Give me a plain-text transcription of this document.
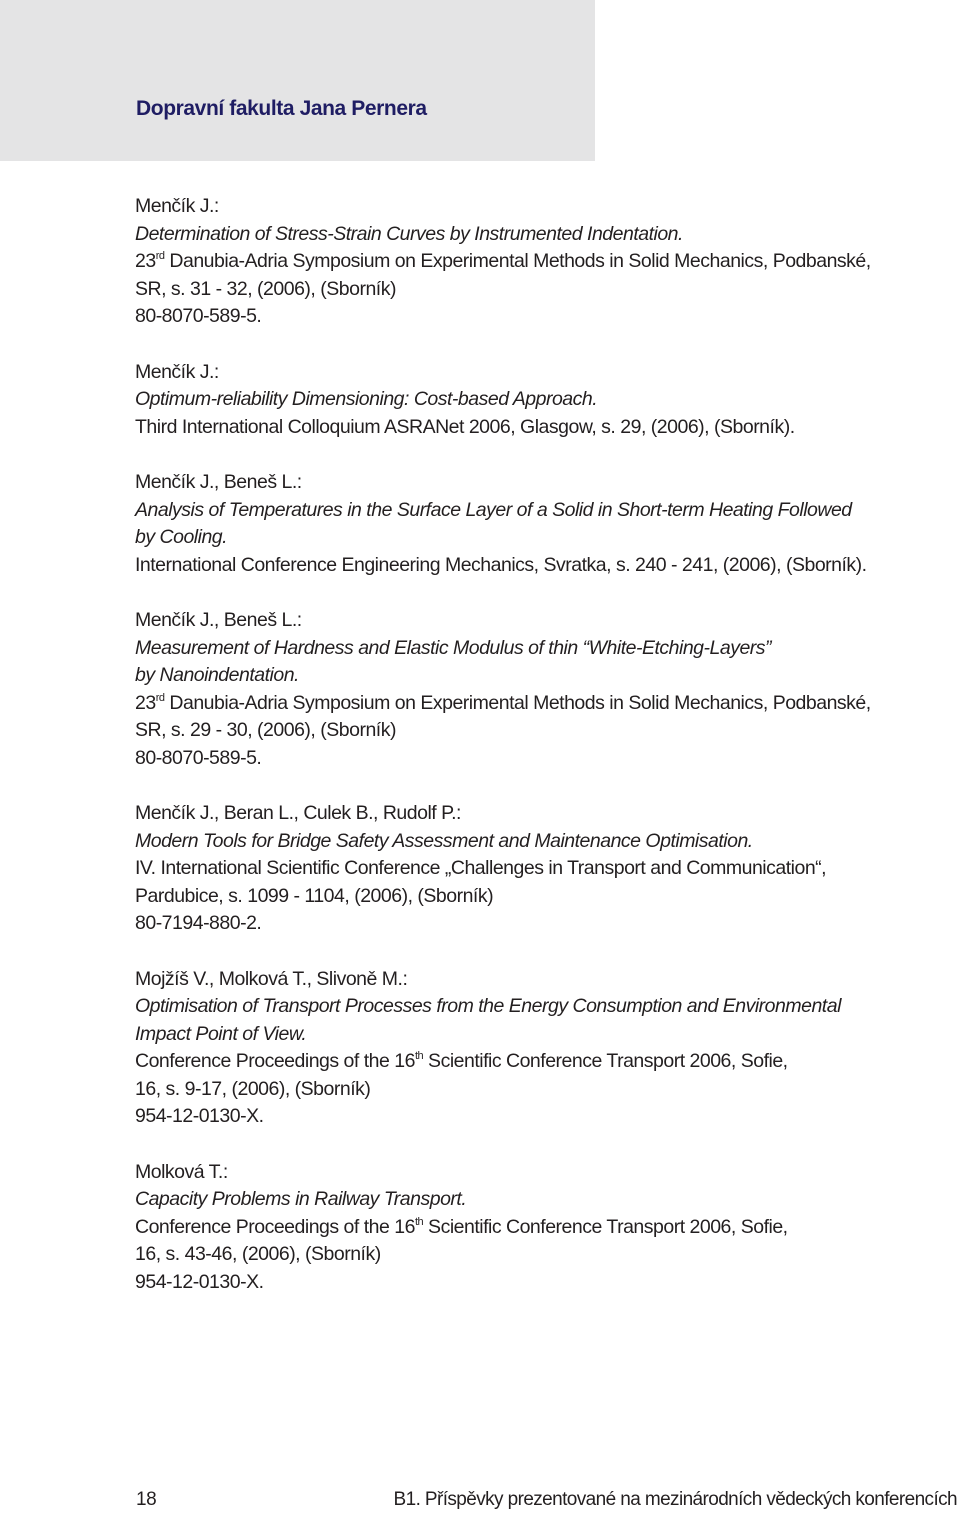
Dopravní fakulta Jana Pernera
Menčík J.:
Determination of Stress-Strain Curves by Instrumented Indentation.
23rd Danubia-Adria Symposium on Experimental Methods in Solid Mechanics, Podbanské,
SR, s. 31 - 32, (2006), (Sborník)
80-8070-589-5.
Menčík J.:
Optimum-reliability Dimensioning: Cost-based Approach.
Third International Colloquium ASRANet 2006, Glasgow, s. 29, (2006), (Sborník).
Menčík J., Beneš L.:
Analysis of Temperatures in the Surface Layer of a Solid in Short-term Heating Followed
by Cooling.
International Conference Engineering Mechanics, Svratka, s. 240 - 241, (2006), (Sborník).
Menčík J., Beneš L.:
Measurement of Hardness and Elastic Modulus of thin “White-Etching-Layers”
by Nanoindentation.
23rd Danubia-Adria Symposium on Experimental Methods in Solid Mechanics, Podbanské,
SR, s. 29 - 30, (2006), (Sborník)
80-8070-589-5.
Menčík J., Beran L., Culek B., Rudolf P.:
Modern Tools for Bridge Safety Assessment and Maintenance Optimisation.
IV. International Scientific Conference „Challenges in Transport and Communication“,
Pardubice, s. 1099 - 1104, (2006), (Sborník)
80-7194-880-2.
Mojžíš V., Molková T., Slivoně M.:
Optimisation of Transport Processes from the Energy Consumption and Environmental
Impact Point of View.
Conference Proceedings of the 16th Scientific Conference Transport 2006, Sofie,
16, s. 9-17, (2006), (Sborník)
954-12-0130-X.
Molková T.:
Capacity Problems in Railway Transport.
Conference Proceedings of the 16th Scientific Conference Transport 2006, Sofie,
16, s. 43-46, (2006), (Sborník)
954-12-0130-X.
18	B1. Příspěvky prezentované na mezinárodních vědeckých konferencích
